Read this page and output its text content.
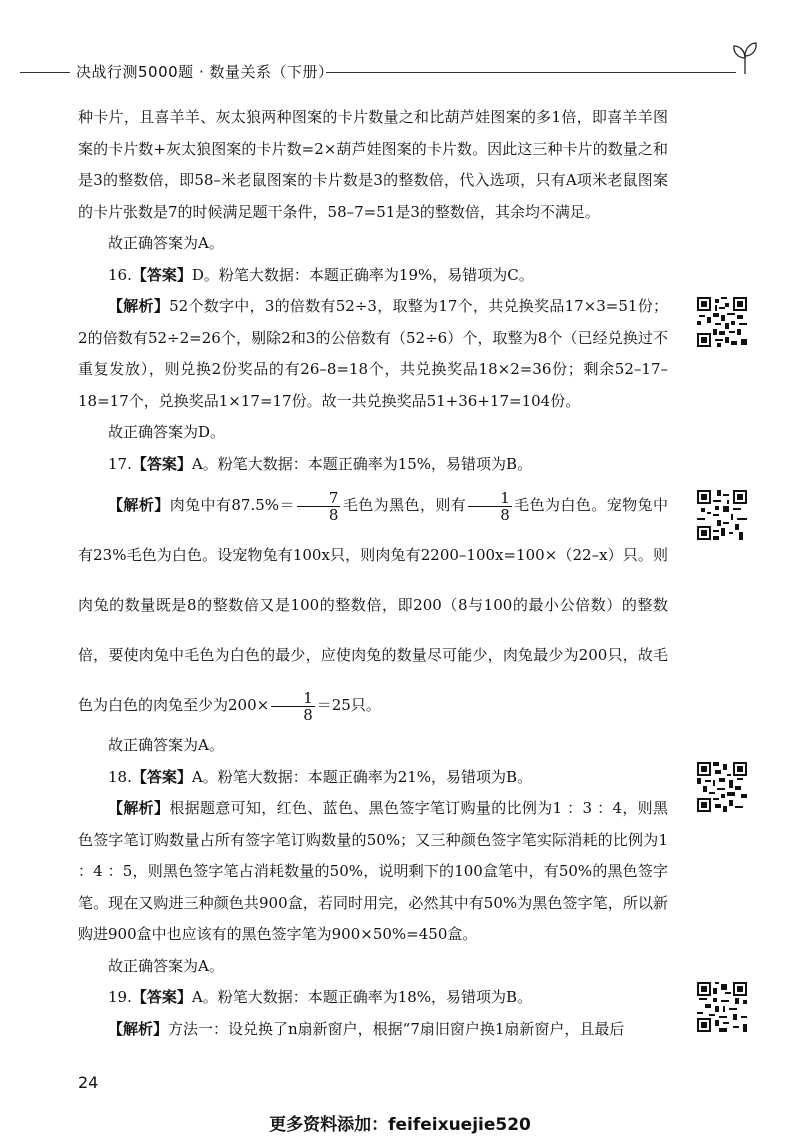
决战行测5000题 · 数量关系（下册）

种卡片，且喜羊羊、灰太狼两种图案的卡片数量之和比葫芦娃图案的多1倍，即喜羊羊图案的卡片数+灰太狼图案的卡片数=2×葫芦娃图案的卡片数。因此这三种卡片的数量之和是3的整数倍，即58–米老鼠图案的卡片数是3的整数倍，代入选项，只有A项米老鼠图案的卡片张数是7的时候满足题干条件，58–7=51是3的整数倍，其余均不满足。

故正确答案为A。

16.【答案】D。粉笔大数据：本题正确率为19%，易错项为C。

【解析】52个数字中，3的倍数有52÷3，取整为17个，共兑换奖品17×3=51份；2的倍数有52÷2=26个，剔除2和3的公倍数有（52÷6）个，取整为8个（已经兑换过不重复发放），则兑换2份奖品的有26–8=18个，共兑换奖品18×2=36份；剩余52–17–18=17个，兑换奖品1×17=17份。故一共兑换奖品51+36+17=104份。

故正确答案为D。

17.【答案】A。粉笔大数据：本题正确率为15%，易错项为B。

【解析】肉兔中有$87.5\%= \frac{7}{8}$ 毛色为黑色，则有 $\frac{1}{8}$ 毛色为白色。宠物兔中有23%毛色为白色。设宠物兔有100x只，则肉兔有2200–100x=100×（22–x）只。则肉兔的数量既是8的整数倍又是100的整数倍，即200（8与100的最小公倍数）的整数倍，要使肉兔中毛色为白色的最少，应使肉兔的数量尽可能少，肉兔最少为200只，故毛色为白色的肉兔至少为$200\times \frac{1}{8} =25$只。

故正确答案为A。

18.【答案】A。粉笔大数据：本题正确率为21%，易错项为B。

【解析】根据题意可知，红色、蓝色、黑色签字笔订购量的比例为1 ：3 ：4，则黑色签字笔订购数量占所有签字笔订购数量的50%；又三种颜色签字笔实际消耗的比例为1 ：4 ：5，则黑色签字笔占消耗数量的50%，说明剩下的100盒笔中，有50%的黑色签字笔。现在又购进三种颜色共900盒，若同时用完，必然其中有50%为黑色签字笔，所以新购进900盒中也应该有的黑色签字笔为900×50%=450盒。

故正确答案为A。

19.【答案】A。粉笔大数据：本题正确率为18%，易错项为B。

【解析】方法一：设兑换了n扇新窗户，根据“7扇旧窗户换1扇新窗户，且最后

24
更多资料添加：feifeixuejie520
